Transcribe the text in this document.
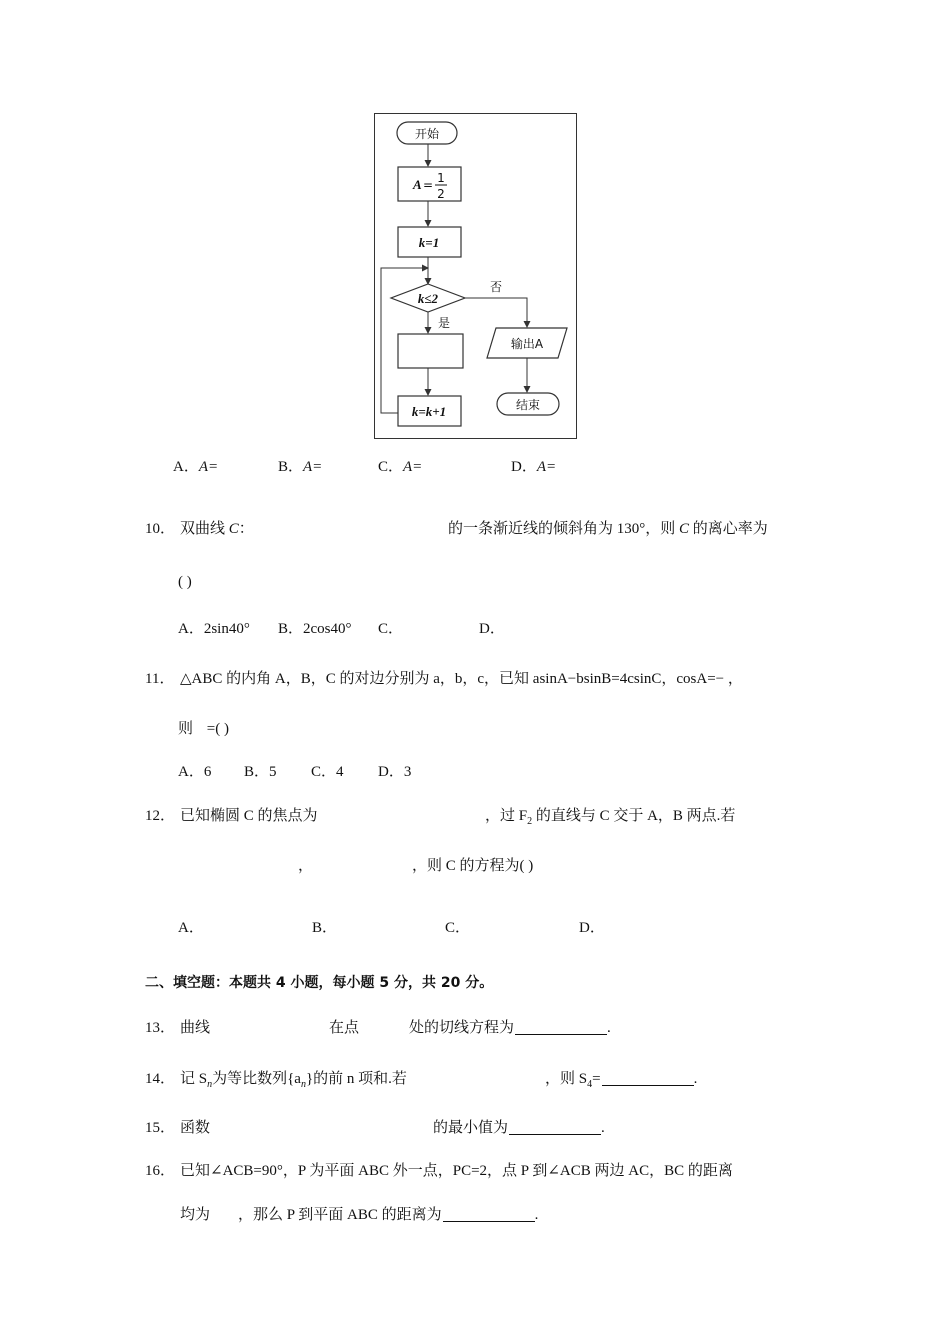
开始
A = 1
2
k=1
k≤2
否
是
k=k+1
输出A
结束
A．A=	B．A=	C．A=	D．A=
10． 双曲线 C：	的一条渐近线的倾斜角为 130°，则 C 的离心率为
( )
A．2sin40° B．2cos40° C．	D．
11． △ABC 的内角 A，B，C 的对边分别为 a，b，c，已知 asinA−bsinB=4csinC，cosA=− ，
则 =( )
A．6 B．5 C．4 D．3
12． 已知椭圆 C 的焦点为	，过 $F_2$ 的直线与 C 交于 A，B 两点.若
，	，则 C 的方程为( )
A．	B．	C．	D．
二、填空题：本题共 4 小题，每小题 5 分，共 20 分。
13． 曲线	在点	处的切线方程为	.
14． 记 $S_n$为等比数列$\{a_n\}$的前 n 项和.若	，则 $S_4=$	.
15． 函数	的最小值为	.
16． 已知∠ACB=90°，P 为平面 ABC 外一点，PC=2，点 P 到∠ACB 两边 AC，BC 的距离
均为 ，那么 P 到平面 ABC 的距离为	.
